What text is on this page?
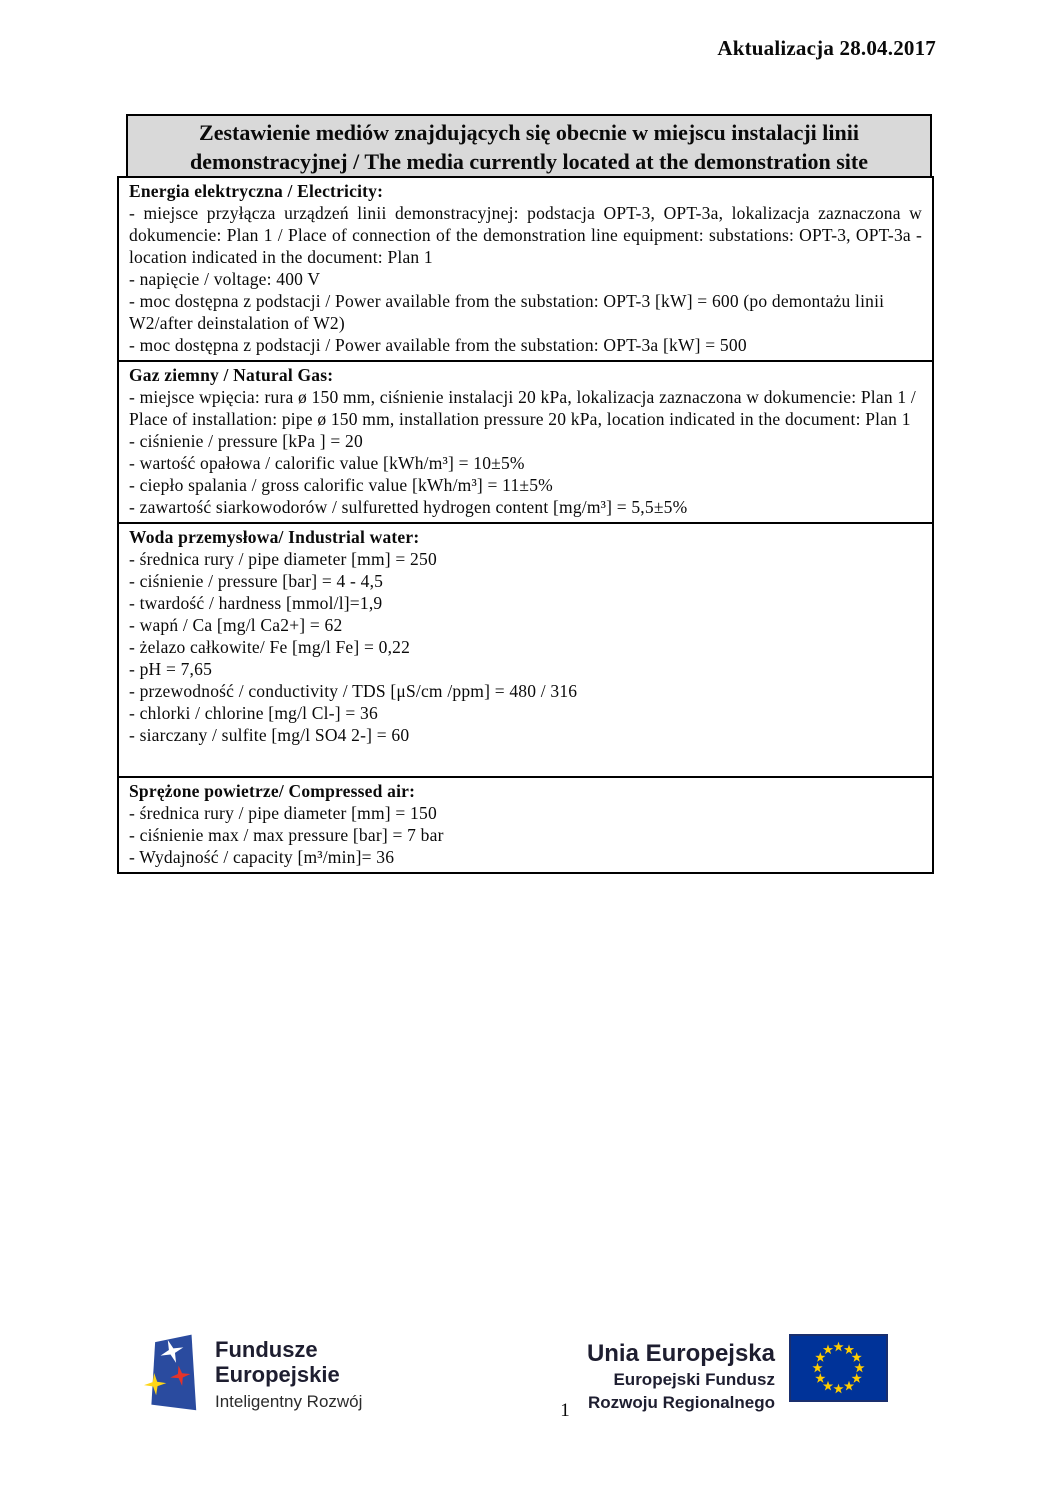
Aktualizacja 28.04.2017
Zestawienie mediów znajdujących się obecnie w miejscu instalacji linii demonstracyjnej / The media currently located at the demonstration site
Energia elektryczna / Electricity:
- miejsce przyłącza urządzeń linii demonstracyjnej: podstacja OPT-3, OPT-3a, lokalizacja zaznaczona w dokumencie: Plan 1 / Place of connection of the demonstration line equipment: substations: OPT-3, OPT-3a - location indicated in the document: Plan 1
- napięcie / voltage: 400 V
- moc dostępna z podstacji / Power available from the substation: OPT-3 [kW] = 600 (po demontażu linii W2/after deinstalation of W2)
- moc dostępna z podstacji / Power available from the substation: OPT-3a [kW] = 500
Gaz ziemny / Natural Gas:
- miejsce wpięcia: rura ø 150 mm, ciśnienie instalacji 20 kPa, lokalizacja zaznaczona w dokumencie: Plan 1 / Place of installation: pipe ø 150 mm, installation pressure 20 kPa, location indicated in the document: Plan 1
- ciśnienie / pressure [kPa ] = 20
- wartość opałowa / calorific value [kWh/m³] = 10±5%
- ciepło spalania / gross calorific value [kWh/m³] = 11±5%
- zawartość siarkowodorów / sulfuretted hydrogen content [mg/m³] = 5,5±5%
Woda przemysłowa/ Industrial water:
- średnica rury / pipe diameter [mm] = 250
- ciśnienie / pressure [bar] = 4 - 4,5
- twardość / hardness [mmol/l]=1,9
- wapń / Ca [mg/l Ca2+] = 62
- żelazo całkowite/ Fe [mg/l Fe] = 0,22
- pH = 7,65
- przewodność / conductivity / TDS [μS/cm /ppm] = 480 / 316
- chlorki / chlorine [mg/l Cl-] = 36
- siarczany / sulfite [mg/l SO4 2-] = 60
Sprężone powietrze/ Compressed air:
- średnica rury / pipe diameter [mm] = 150
- ciśnienie max / max pressure [bar] = 7 bar
- Wydajność / capacity [m³/min]= 36
Fundusze
Europejskie
Inteligentny Rozwój
Unia Europejska
Europejski Fundusz
Rozwoju Regionalnego
1
